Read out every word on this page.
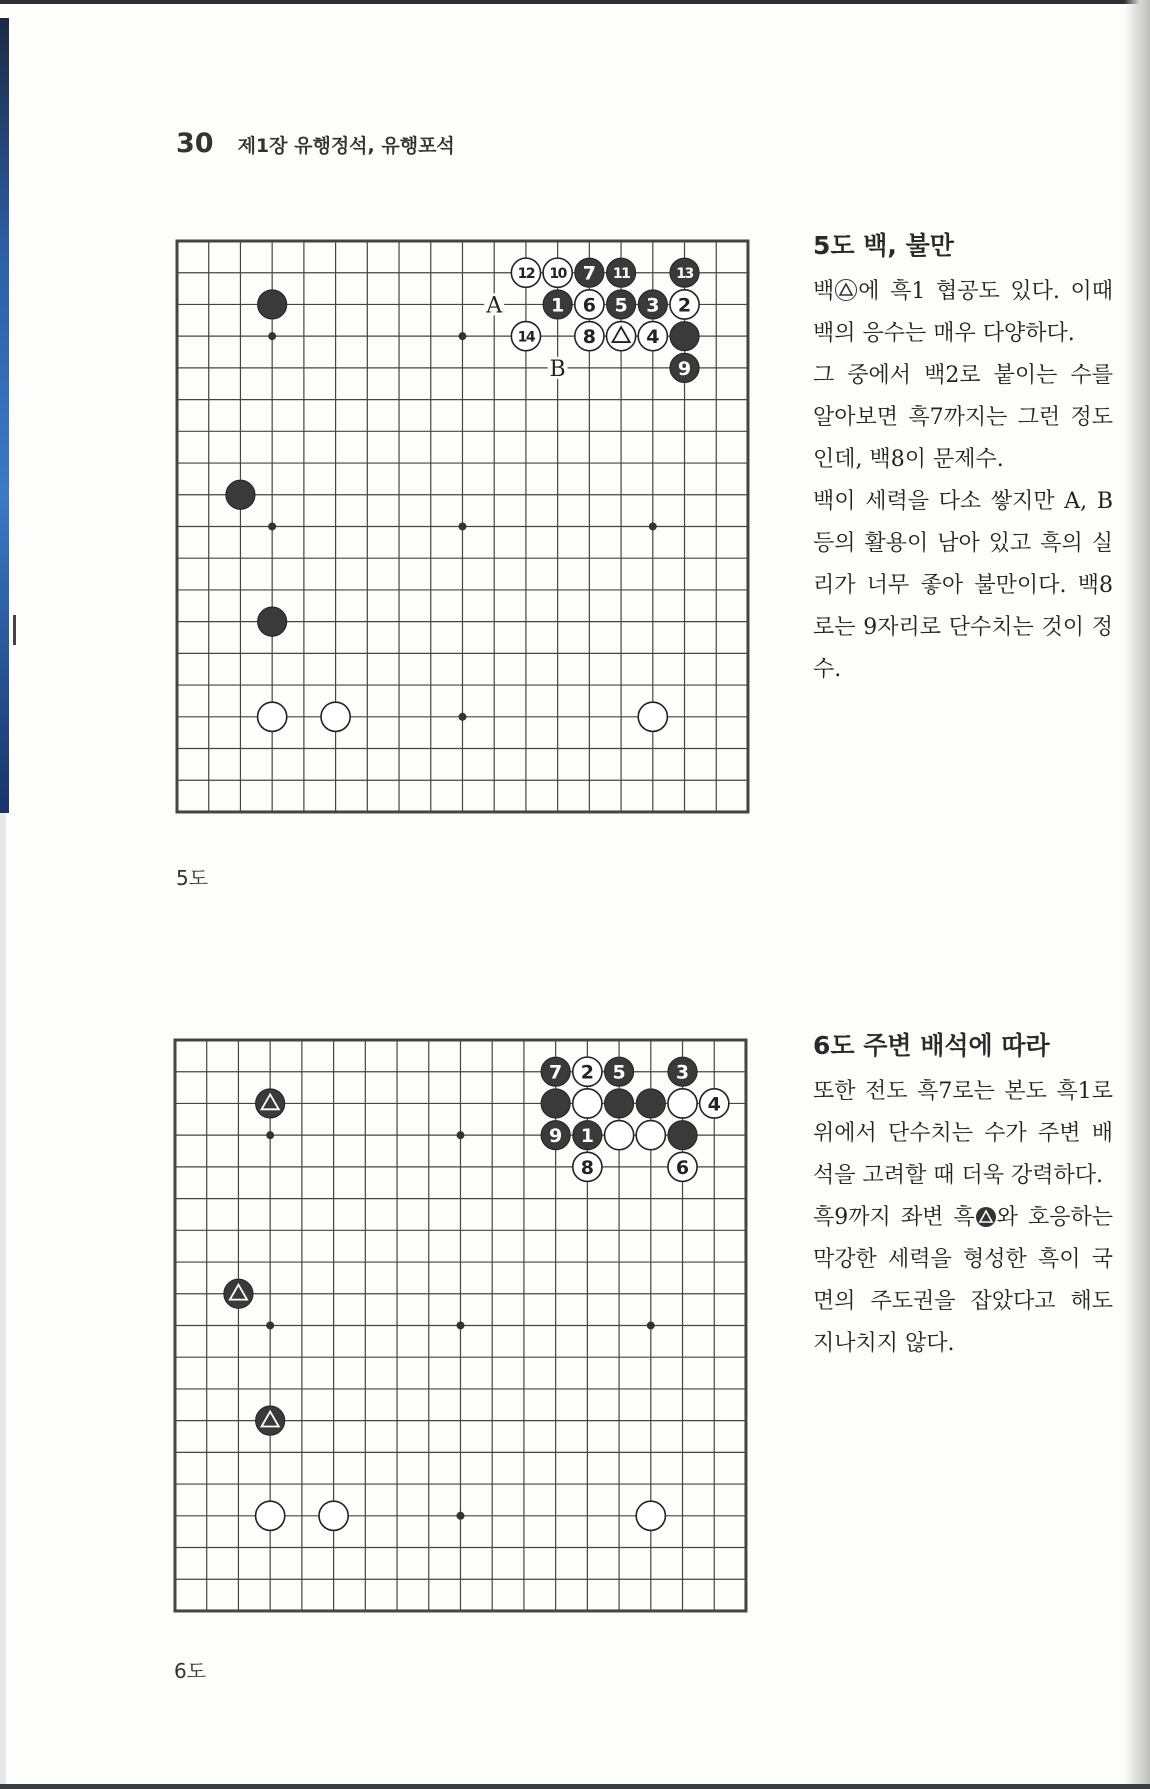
30 제1장 유행정석, 유행포석
12 10 7 11	13
1 6 5 3 2
14	8	4
9
A
B
5도
5도 백, 불만

백 에 흑1 협공도 있다. 이때 백의 응수는 매우 다양하다.

그 중에서 백2로 붙이는 수를 알아보면 흑7까지는 그런 정도인데, 백8이 문제수.

백이 세력을 다소 쌓지만 A, B 등의 활용이 남아 있고 흑의 실리가 너무 좋아 불만이다. 백8로는 9자리로 단수치는 것이 정수.

7 2 5	3
4
9 1
8	6
6도
6도 주변 배석에 따라

또한 전도 흑7로는 본도 흑1로 위에서 단수치는 수가 주변 배석을 고려할 때 더욱 강력하다.

흑9까지 좌변 흑 와 호응하는 막강한 세력을 형성한 흑이 국면의 주도권을 잡았다고 해도 지나치지 않다.
